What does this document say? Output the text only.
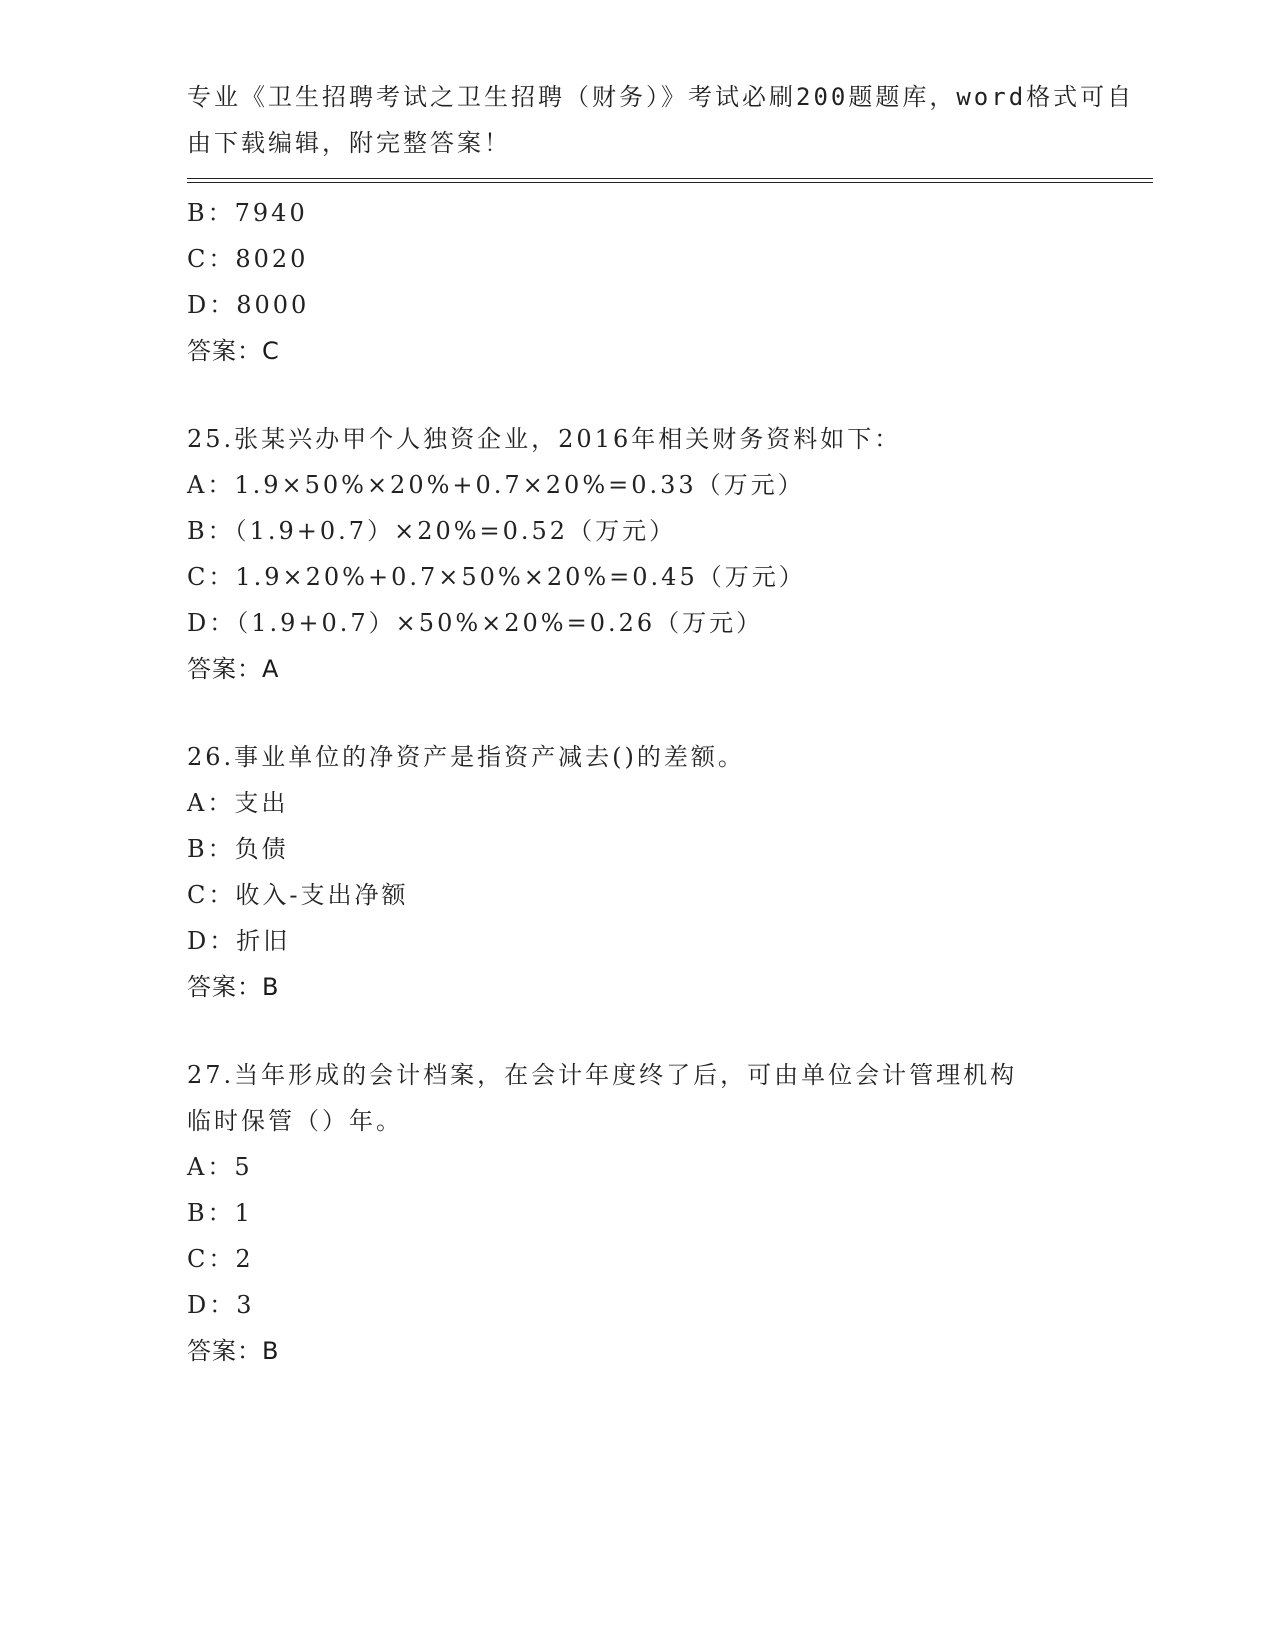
专业《卫生招聘考试之卫生招聘（财务）》考试必刷200题题库，word格式可自
由下载编辑，附完整答案！
B：7940
C：8020
D：8000
答案：C
25.张某兴办甲个人独资企业，2016年相关财务资料如下：
A：1.9×50%×20%+0.7×20%=0.33（万元）
B：（1.9+0.7）×20%=0.52（万元）
C：1.9×20%+0.7×50%×20%=0.45（万元）
D：（1.9+0.7）×50%×20%=0.26（万元）
答案：A
26.事业单位的净资产是指资产减去()的差额。
A：支出
B：负债
C：收入-支出净额
D：折旧
答案：B
27.当年形成的会计档案，在会计年度终了后，可由单位会计管理机构
临时保管（）年。
A：5
B：1
C：2
D：3
答案：B
